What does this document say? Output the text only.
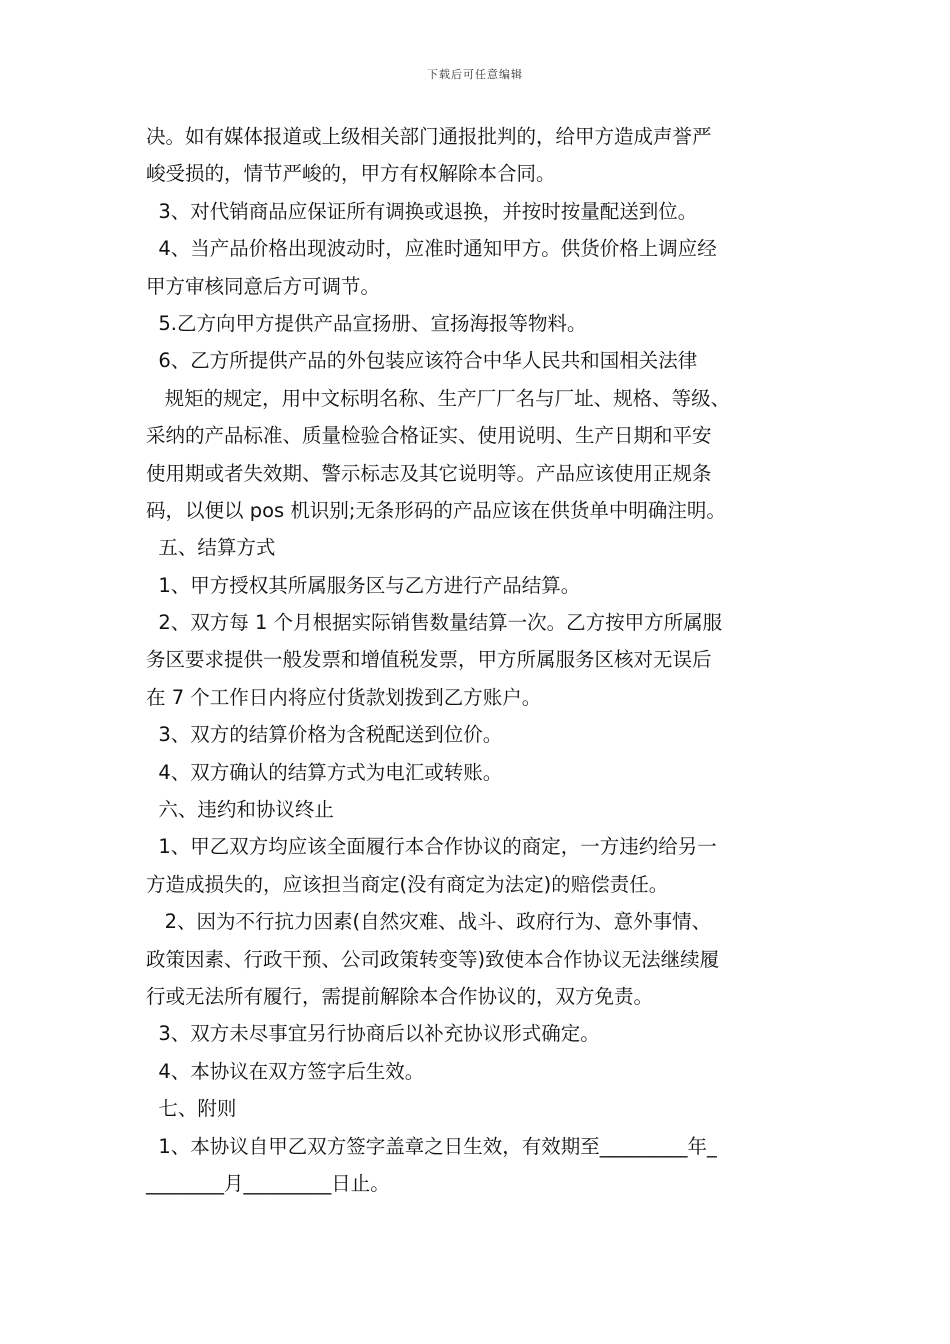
下载后可任意编辑
决。如有媒体报道或上级相关部门通报批判的，给甲方造成声誉严
峻受损的，情节严峻的，甲方有权解除本合同。
3、对代销商品应保证所有调换或退换，并按时按量配送到位。
4、当产品价格出现波动时，应准时通知甲方。供货价格上调应经
甲方审核同意后方可调节。
5.乙方向甲方提供产品宣扬册、宣扬海报等物料。
6、乙方所提供产品的外包装应该符合中华人民共和国相关法律
规矩的规定，用中文标明名称、生产厂厂名与厂址、规格、等级、
采纳的产品标准、质量检验合格证实、使用说明、生产日期和平安
使用期或者失效期、警示标志及其它说明等。产品应该使用正规条
码，以便以 pos 机识别;无条形码的产品应该在供货单中明确注明。
五、结算方式
1、甲方授权其所属服务区与乙方进行产品结算。
2、双方每 1 个月根据实际销售数量结算一次。乙方按甲方所属服
务区要求提供一般发票和增值税发票，甲方所属服务区核对无误后
在 7 个工作日内将应付货款划拨到乙方账户。
3、双方的结算价格为含税配送到位价。
4、双方确认的结算方式为电汇或转账。
六、违约和协议终止
1、甲乙双方均应该全面履行本合作协议的商定，一方违约给另一
方造成损失的，应该担当商定(没有商定为法定)的赔偿责任。
2、因为不行抗力因素(自然灾难、战斗、政府行为、意外事情、
政策因素、行政干预、公司政策转变等)致使本合作协议无法继续履
行或无法所有履行，需提前解除本合作协议的，双方免责。
3、双方未尽事宜另行协商后以补充协议形式确定。
4、本协议在双方签字后生效。
七、附则
1、本协议自甲乙双方签字盖章之日生效，有效期至_________年_
________月_________日止。
